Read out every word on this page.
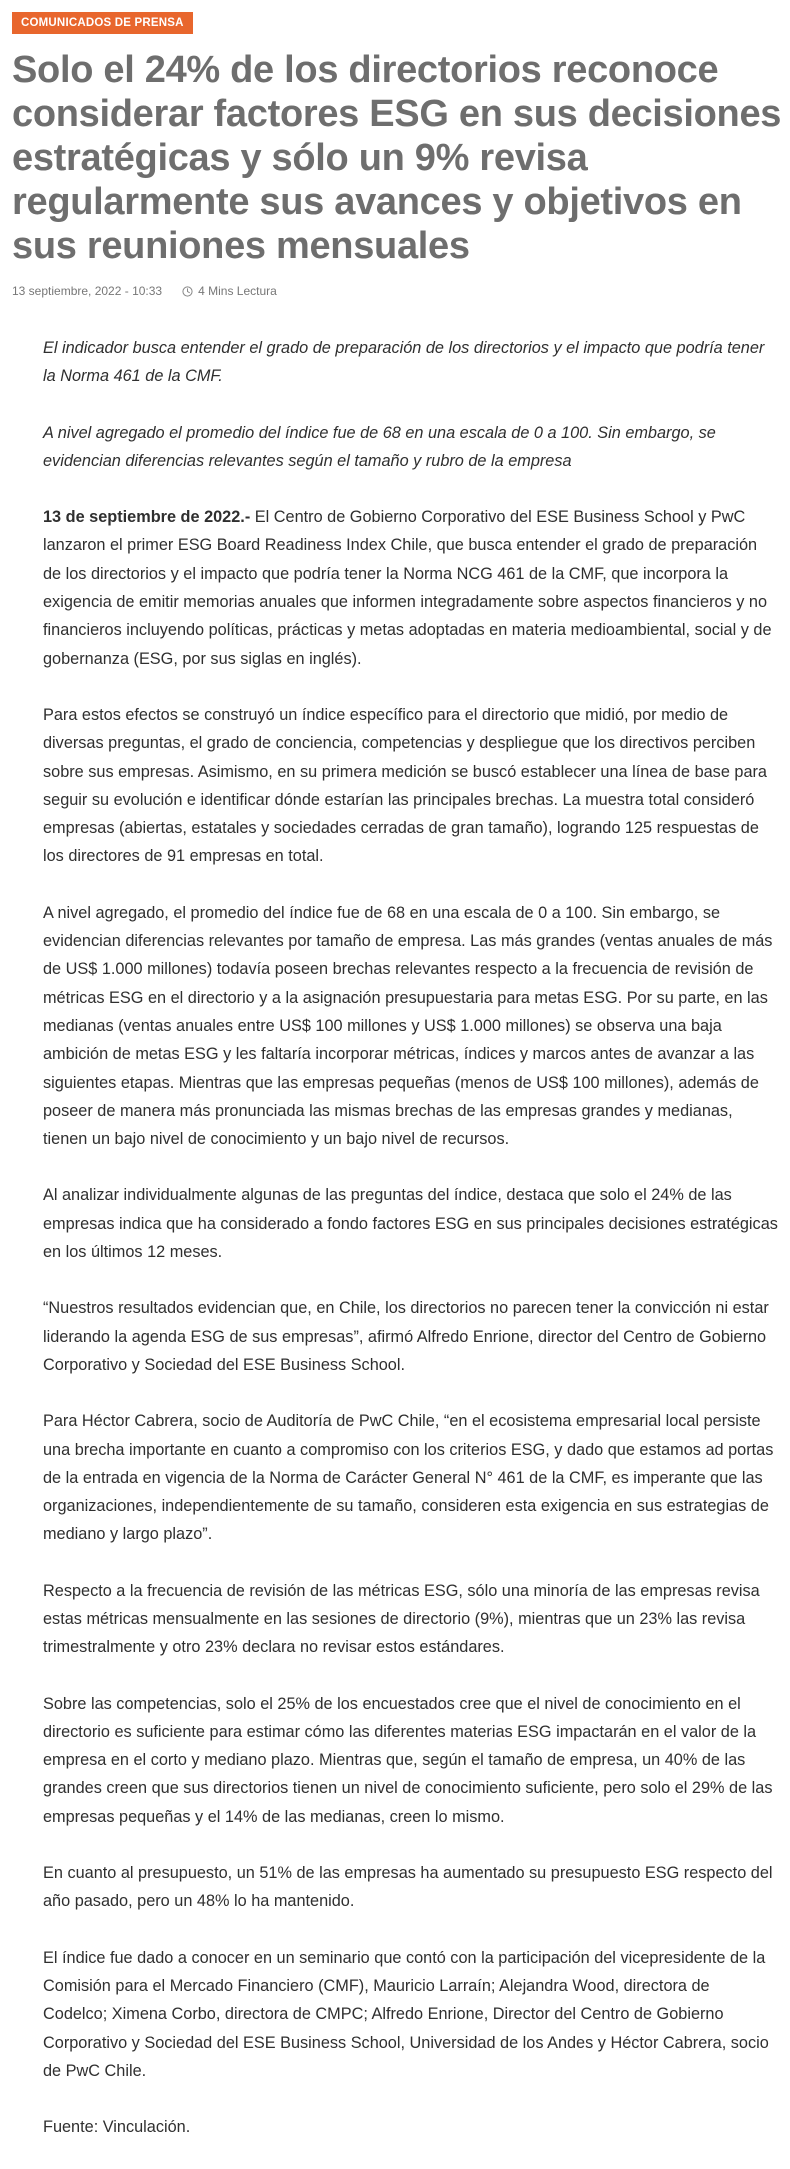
COMUNICADOS DE PRENSA
Solo el 24% de los directorios reconoce considerar factores ESG en sus decisiones estratégicas y sólo un 9% revisa regularmente sus avances y objetivos en sus reuniones mensuales
13 septiembre, 2022 - 10:33	4 Mins Lectura

El indicador busca entender el grado de preparación de los directorios y el impacto que podría tener la Norma 461 de la CMF.

A nivel agregado el promedio del índice fue de 68 en una escala de 0 a 100. Sin embargo, se evidencian diferencias relevantes según el tamaño y rubro de la empresa

13 de septiembre de 2022.- El Centro de Gobierno Corporativo del ESE Business School y PwC lanzaron el primer ESG Board Readiness Index Chile, que busca entender el grado de preparación de los directorios y el impacto que podría tener la Norma NCG 461 de la CMF, que incorpora la exigencia de emitir memorias anuales que informen integradamente sobre aspectos financieros y no financieros incluyendo políticas, prácticas y metas adoptadas en materia medioambiental, social y de gobernanza (ESG, por sus siglas en inglés).

Para estos efectos se construyó un índice específico para el directorio que midió, por medio de diversas preguntas, el grado de conciencia, competencias y despliegue que los directivos perciben sobre sus empresas. Asimismo, en su primera medición se buscó establecer una línea de base para seguir su evolución e identificar dónde estarían las principales brechas. La muestra total consideró empresas (abiertas, estatales y sociedades cerradas de gran tamaño), logrando 125 respuestas de los directores de 91 empresas en total.

A nivel agregado, el promedio del índice fue de 68 en una escala de 0 a 100. Sin embargo, se evidencian diferencias relevantes por tamaño de empresa. Las más grandes (ventas anuales de más de US$ 1.000 millones) todavía poseen brechas relevantes respecto a la frecuencia de revisión de métricas ESG en el directorio y a la asignación presupuestaria para metas ESG. Por su parte, en las medianas (ventas anuales entre US$ 100 millones y US$ 1.000 millones) se observa una baja ambición de metas ESG y les faltaría incorporar métricas, índices y marcos antes de avanzar a las siguientes etapas. Mientras que las empresas pequeñas (menos de US$ 100 millones), además de poseer de manera más pronunciada las mismas brechas de las empresas grandes y medianas, tienen un bajo nivel de conocimiento y un bajo nivel de recursos.

Al analizar individualmente algunas de las preguntas del índice, destaca que solo el 24% de las empresas indica que ha considerado a fondo factores ESG en sus principales decisiones estratégicas en los últimos 12 meses.

“Nuestros resultados evidencian que, en Chile, los directorios no parecen tener la convicción ni estar liderando la agenda ESG de sus empresas”, afirmó Alfredo Enrione, director del Centro de Gobierno Corporativo y Sociedad del ESE Business School.

Para Héctor Cabrera, socio de Auditoría de PwC Chile, “en el ecosistema empresarial local persiste una brecha importante en cuanto a compromiso con los criterios ESG, y dado que estamos ad portas de la entrada en vigencia de la Norma de Carácter General N° 461 de la CMF, es imperante que las organizaciones, independientemente de su tamaño, consideren esta exigencia en sus estrategias de mediano y largo plazo”.

Respecto a la frecuencia de revisión de las métricas ESG, sólo una minoría de las empresas revisa estas métricas mensualmente en las sesiones de directorio (9%), mientras que un 23% las revisa trimestralmente y otro 23% declara no revisar estos estándares.

Sobre las competencias, solo el 25% de los encuestados cree que el nivel de conocimiento en el directorio es suficiente para estimar cómo las diferentes materias ESG impactarán en el valor de la empresa en el corto y mediano plazo. Mientras que, según el tamaño de empresa, un 40% de las grandes creen que sus directorios tienen un nivel de conocimiento suficiente, pero solo el 29% de las empresas pequeñas y el 14% de las medianas, creen lo mismo.

En cuanto al presupuesto, un 51% de las empresas ha aumentado su presupuesto ESG respecto del año pasado, pero un 48% lo ha mantenido.

El índice fue dado a conocer en un seminario que contó con la participación del vicepresidente de la Comisión para el Mercado Financiero (CMF), Mauricio Larraín; Alejandra Wood, directora de Codelco; Ximena Corbo, directora de CMPC; Alfredo Enrione, Director del Centro de Gobierno Corporativo y Sociedad del ESE Business School, Universidad de los Andes y Héctor Cabrera, socio de PwC Chile.

Fuente: Vinculación.
